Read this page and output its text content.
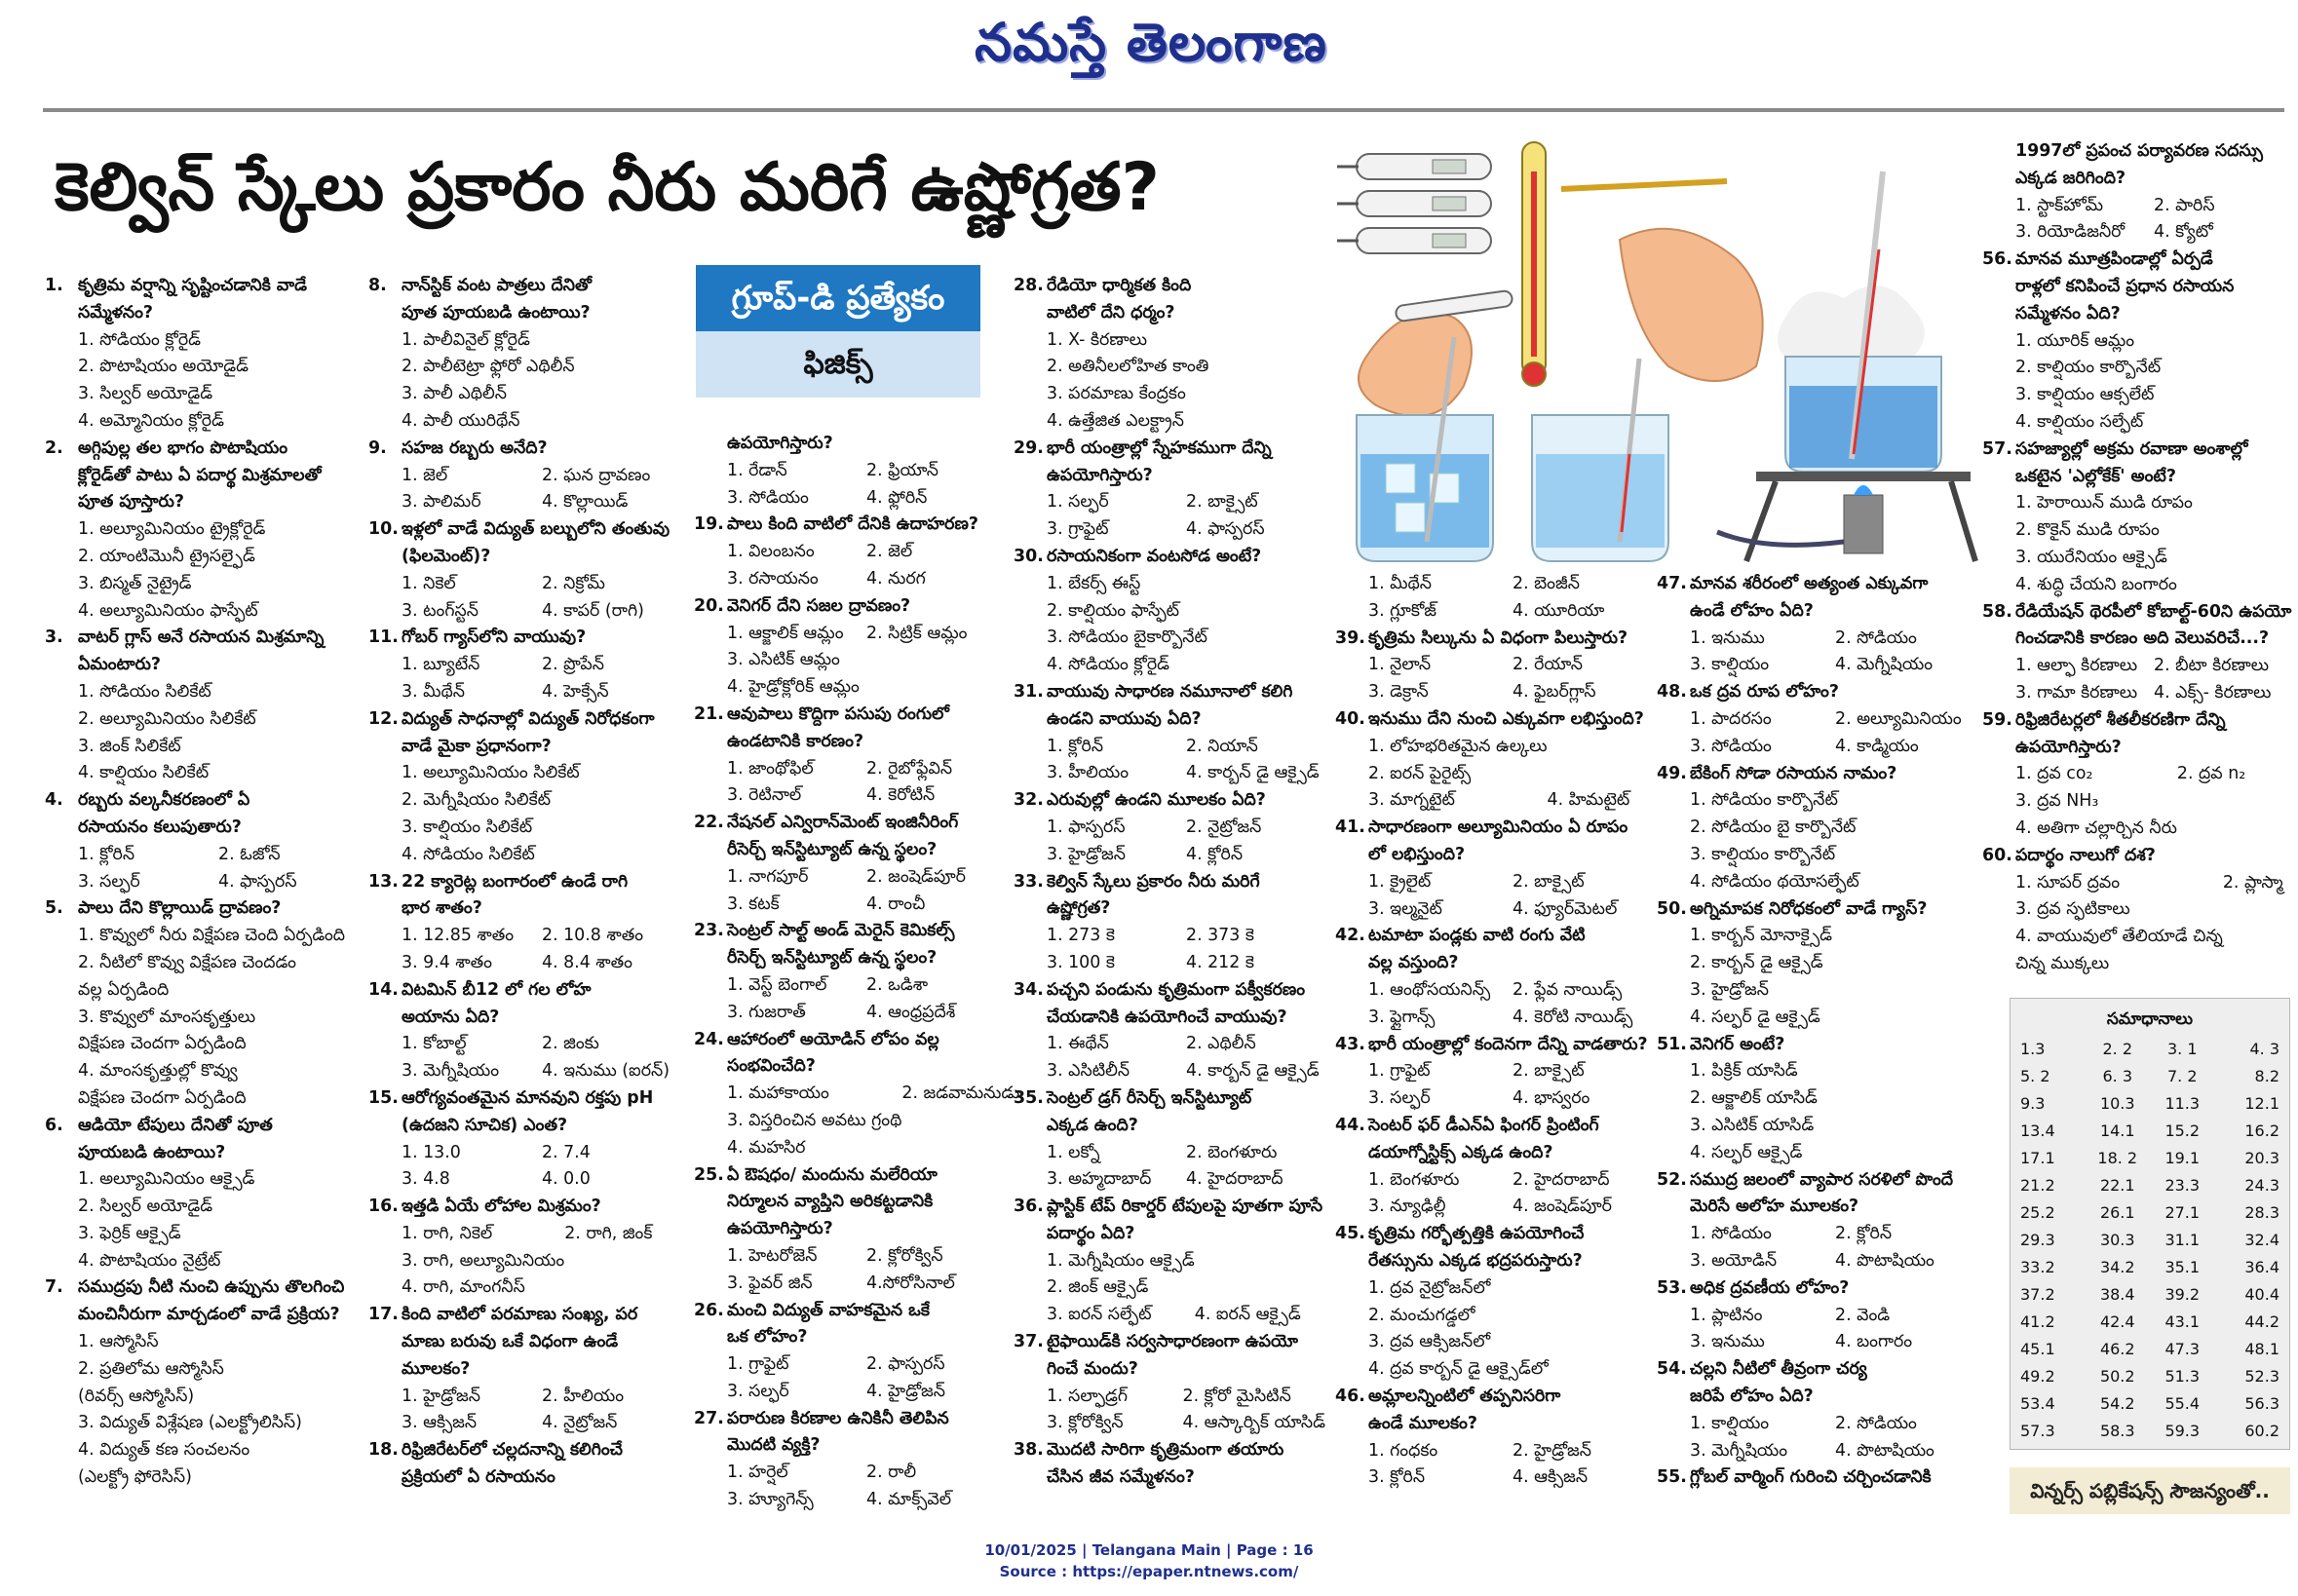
నమస్తే తెలంగాణ
కెల్విన్ స్కేలు ప్రకారం నీరు మరిగే ఉష్ణోగ్రత?
1. కృత్రిమ వర్షాన్ని సృష్టించడానికి వాడే
సమ్మేళనం?
1. సోడియం క్లోరైడ్
2. పొటాషియం అయోడైడ్
3. సిల్వర్ అయోడైడ్
4. అమ్మోనియం క్లోరైడ్
2. అగ్గిపుల్ల తల భాగం పొటాషియం
క్లోరైడ్‌తో పాటు ఏ పదార్థ మిశ్రమాలతో
పూత పూస్తారు?
1. అల్యూమినియం ట్రైక్లోరైడ్
2. యాంటిమొనీ ట్రైసల్ఫైడ్
3. బిస్మత్ నైట్రైడ్
4. అల్యూమినియం ఫాస్ఫేట్
3. వాటర్ గ్లాస్ అనే రసాయన మిశ్రమాన్ని
ఏమంటారు?
1. సోడియం సిలికేట్
2. అల్యూమినియం సిలికేట్
3. జింక్ సిలికేట్
4. కాల్షియం సిలికేట్
4. రబ్బరు వల్కనీకరణంలో ఏ
రసాయనం కలుపుతారు?
1. క్లోరిన్	2. ఓజోన్
3. సల్ఫర్	4. ఫాస్పరస్
5. పాలు దేని కొల్లాయిడ్ ద్రావణం?
1. కొవ్వులో నీరు విక్షేపణ చెంది ఏర్పడింది
2. నీటిలో కొవ్వు విక్షేపణ చెందడం
వల్ల ఏర్పడింది
3. కొవ్వులో మాంసకృత్తులు
విక్షేపణ చెందగా ఏర్పడింది
4. మాంసకృత్తుల్లో కొవ్వు
విక్షేపణ చెందగా ఏర్పడింది
6. ఆడియో టేపులు దేనితో పూత
పూయబడి ఉంటాయి?
1. అల్యూమినియం ఆక్సైడ్
2. సిల్వర్ అయోడైడ్
3. ఫెర్రిక్ ఆక్సైడ్
4. పొటాషియం నైట్రేట్
7. సముద్రపు నీటి నుంచి ఉప్పును తొలగించి
మంచినీరుగా మార్చడంలో వాడే ప్రక్రియ?
1. ఆస్మోసిస్
2. ప్రతిలోమ ఆస్మోసిస్
(రివర్స్ ఆస్మోసిస్)
3. విద్యుత్ విశ్లేషణ (ఎలక్ట్రోలిసిస్)
4. విద్యుత్ కణ సంచలనం
(ఎలక్ట్రో ఫోరెసిస్)
8. నాన్‌స్టిక్ వంట పాత్రలు దేనితో
పూత పూయబడి ఉంటాయి?
1. పాలీవినైల్ క్లోరైడ్
2. పాలీటెట్రా ఫ్లోరో ఎథిలీన్
3. పాలీ ఎథిలీన్
4. పాలీ యురిథేన్
9. సహజ రబ్బరు అనేది?
1. జెల్	2. ఘన ద్రావణం
3. పాలిమర్	4. కొల్లాయిడ్
10. ఇళ్లలో వాడే విద్యుత్ బల్బులోని తంతువు
(ఫిలమెంట్)?
1. నికెల్	2. నిక్రోమ్
3. టంగ్‌స్టన్	4. కాపర్ (రాగి)
11. గోబర్ గ్యాస్‌లోని వాయువు?
1. బ్యూటేన్	2. ప్రొపేన్
3. మీథేన్	4. హెక్సేన్
12. విద్యుత్ సాధనాల్లో విద్యుత్ నిరోధకంగా
వాడే మైకా ప్రధానంగా?
1. అల్యూమినియం సిలికేట్
2. మెగ్నీషియం సిలికేట్
3. కాల్షియం సిలికేట్
4. సోడియం సిలికేట్
13. 22 క్యారెట్ల బంగారంలో ఉండే రాగి
భార శాతం?
1. 12.85 శాతం	2. 10.8 శాతం
3. 9.4 శాతం	4. 8.4 శాతం
14. విటమిన్ బీ12 లో గల లోహ
అయాను ఏది?
1. కోబాల్ట్	2. జింకు
3. మెగ్నీషియం	4. ఇనుము (ఐరన్)
15. ఆరోగ్యవంతమైన మానవుని రక్తపు pH
(ఉదజని సూచిక) ఎంత?
1. 13.0	2. 7.4
3. 4.8	4. 0.0
16. ఇత్తడి ఏయే లోహాల మిశ్రమం?
1. రాగి, నికెల్	2. రాగి, జింక్
3. రాగి, అల్యూమినియం

4. రాగి, మాంగనీస్

17. కింది వాటిలో పరమాణు సంఖ్య, పర
మాణు బరువు ఒకే విధంగా ఉండే
మూలకం?
1. హైడ్రోజన్	2. హీలియం
3. ఆక్సిజన్	4. నైట్రోజన్
18. రిఫ్రిజిరేటర్‌లో చల్లదనాన్ని కలిగించే
ప్రక్రియలో ఏ రసాయనం
ఉపయోగిస్తారు?
1. రేడాన్	2. ఫ్రియాన్
3. సోడియం	4. ఫ్లోరిన్
19. పాలు కింది వాటిలో దేనికి ఉదాహరణ?
1. విలంబనం	2. జెల్
3. రసాయనం	4. నురగ
20. వెనిగర్ దేని సజల ద్రావణం?
1. ఆక్జాలిక్ ఆమ్లం	2. సిట్రిక్ ఆమ్లం
3. ఎసిటిక్ ఆమ్లం

4. హైడ్రోక్లోరిక్ ఆమ్లం

21. ఆవుపాలు కొద్దిగా పసుపు రంగులో
ఉండటానికి కారణం?
1. జాంథోఫిల్	2. రైబోఫ్లేవిన్
3. రెటినాల్	4. కెరోటిన్
22. నేషనల్ ఎన్విరాన్‌మెంట్ ఇంజినీరింగ్
రీసెర్చ్ ఇన్‌స్టిట్యూట్ ఉన్న స్థలం?
1. నాగపూర్	2. జంషెడ్‌పూర్
3. కటక్	4. రాంచీ
23. సెంట్రల్ సాల్ట్ అండ్ మెరైన్ కెమికల్స్
రీసెర్చ్ ఇన్‌స్టిట్యూట్ ఉన్న స్థలం?
1. వెస్ట్ బెంగాల్	2. ఒడిశా
3. గుజరాత్	4. ఆంధ్రప్రదేశ్
24. ఆహారంలో అయోడిన్ లోపం వల్ల
సంభవించేది?
1. మహాకాయం	2. జడవామనుడు
3. విస్తరించిన అవటు గ్రంథి

4. మహసిర

25. ఏ ఔషధం/ మందును మలేరియా
నిర్మూలన వ్యాప్తిని అరికట్టడానికి
ఉపయోగిస్తారు?
1. హెటరోజెన్	2. క్లోరోక్విన్
3. ఫైవర్ జిన్	4.సోరోసినాల్
26. మంచి విద్యుత్ వాహకమైన ఒకే
ఒక లోహం?
1. గ్రాఫైట్	2. ఫాస్పరస్
3. సల్ఫర్	4. హైడ్రోజన్
27. పరారుణ కిరణాల ఉనికినీ తెలిపిన
మొదటి వ్యక్తి?
1. హర్షెల్	2. రాలీ
3. హ్యూగెన్స్	4. మాక్స్‌వెల్
28. రేడియో ధార్మికత కింది
వాటిలో దేని ధర్మం?
1. X- కిరణాలు
2. అతినీలలోహిత కాంతి
3. పరమాణు కేంద్రకం
4. ఉత్తేజిత ఎలక్ట్రాన్
29. భారీ యంత్రాల్లో స్నేహకముగా దేన్ని
ఉపయోగిస్తారు?
1. సల్ఫర్	2. బాక్సైట్
3. గ్రాఫైట్	4. ఫాస్పరస్
30. రసాయనికంగా వంటసోడ అంటే?
1. బేకర్స్ ఈస్ట్
2. కాల్షియం ఫాస్ఫేట్
3. సోడియం బైకార్బొనేట్
4. సోడియం క్లోరైడ్
31. వాయువు సాధారణ నమూనాలో కలిగి
ఉండని వాయువు ఏది?
1. క్లోరిన్	2. నియాన్
3. హీలియం	4. కార్బన్ డై ఆక్సైడ్
32. ఎరువుల్లో ఉండని మూలకం ఏది?
1. ఫాస్పరస్	2. నైట్రోజన్
3. హైడ్రోజన్	4. క్లోరిన్
33. కెల్విన్ స్కేలు ప్రకారం నీరు మరిగే
ఉష్ణోగ్రత?
1. 273 కె	2. 373 కె
3. 100 కె	4. 212 కె
34. పచ్చని పండును కృత్రిమంగా పక్వీకరణం
చేయడానికి ఉపయోగించే వాయువు?
1. ఈథేన్	2. ఎథిలీన్
3. ఎసిటిలీన్	4. కార్బన్ డై ఆక్సైడ్
35. సెంట్రల్ డ్రగ్ రీసెర్చ్ ఇన్‌స్టిట్యూట్
ఎక్కడ ఉంది?
1. లక్నో	2. బెంగళూరు
3. అహ్మదాబాద్	4. హైదరాబాద్
36. ప్లాస్టిక్ టేప్ రికార్డర్ టేపులపై పూతగా పూసే
పదార్థం ఏది?
1. మెగ్నీషియం ఆక్సైడ్

2. జింక్ ఆక్సైడ్

3. ఐరన్ సల్ఫేట్	4. ఐరన్ ఆక్సైడ్
37. టైఫాయిడ్‌కి సర్వసాధారణంగా ఉపయో
గించే మందు?
1. సల్ఫాడ్రగ్	2. క్లోరో మైసిటిన్
3. క్లోరోక్విన్	4. ఆస్కార్బిక్ యాసిడ్
38. మొదటి సారిగా కృత్రిమంగా తయారు
చేసిన జీవ సమ్మేళనం?
1. మీథేన్	2. బెంజీన్
3. గ్లూకోజ్	4. యూరియా
39. కృత్రిమ సిల్కును ఏ విధంగా పిలుస్తారు?
1. నైలాన్	2. రేయాన్
3. డెక్రాన్	4. ఫైబర్‌గ్లాస్
40. ఇనుము దేని నుంచి ఎక్కువగా లభిస్తుంది?
1. లోహభరితమైన ఉల్కలు

2. ఐరన్ పైరైట్స్

3. మాగ్నటైట్	4. హిమటైట్
41. సాధారణంగా అల్యూమినియం ఏ రూపం
లో లభిస్తుంది?
1. క్రైలైట్	2. బాక్సైట్
3. ఇల్మనైట్	4. ఫ్యూర్‌మెటల్
42. టమాటా పండ్లకు వాటి రంగు వేటి
వల్ల వస్తుంది?
1. ఆంథోసయనిన్స్	2. ఫ్లేవ నాయిడ్స్
3. ఫ్లైగాన్స్	4. కెరోటి నాయిడ్స్
43. భారీ యంత్రాల్లో కందెనగా దేన్ని వాడతారు?
1. గ్రాఫైట్	2. బాక్సైట్
3. సల్ఫర్	4. భాస్వరం
44. సెంటర్ ఫర్ డీఎన్ఏ ఫింగర్ ప్రింటింగ్
డయాగ్నోస్టిక్స్ ఎక్కడ ఉంది?
1. బెంగళూరు	2. హైదరాబాద్
3. న్యూఢిల్లీ	4. జంషెడ్‌పూర్
45. కృత్రిమ గర్భోత్పత్తికి ఉపయోగించే
రేతస్సును ఎక్కడ భద్రపరుస్తారు?
1. ద్రవ నైట్రోజన్‌లో

2. మంచుగడ్డలో

3. ద్రవ ఆక్సిజన్‌లో

4. ద్రవ కార్బన్ డై ఆక్సైడ్‌లో

46. అమ్లాలన్నింటిలో తప్పనిసరిగా
ఉండే మూలకం?
1. గంధకం	2. హైడ్రోజన్
3. క్లోరిన్	4. ఆక్సిజన్
47. మానవ శరీరంలో అత్యంత ఎక్కువగా
ఉండే లోహం ఏది?
1. ఇనుము	2. సోడియం
3. కాల్షియం	4. మెగ్నీషియం
48. ఒక ద్రవ రూప లోహం?
1. పాదరసం	2. అల్యూమినియం
3. సోడియం	4. కాడ్మియం
49. బేకింగ్ సోడా రసాయన నామం?
1. సోడియం కార్బొనేట్
2. సోడియం బై కార్బొనేట్
3. కాల్షియం కార్బొనేట్
4. సోడియం థయోసల్ఫేట్
50. అగ్నిమాపక నిరోధకంలో వాడే గ్యాస్?
1. కార్బన్ మోనాక్సైడ్
2. కార్బన్ డై ఆక్సైడ్
3. హైడ్రోజన్
4. సల్ఫర్ డై ఆక్సైడ్
51. వెనిగర్ అంటే?
1. పిక్రిక్ యాసిడ్
2. ఆక్జాలిక్ యాసిడ్
3. ఎసిటిక్ యాసిడ్
4. సల్ఫర్ ఆక్సైడ్
52. సముద్ర జలంలో వ్యాపార సరళిలో పొందే
మెరిసే అలోహ మూలకం?
1. సోడియం	2. క్లోరిన్
3. అయోడిన్	4. పొటాషియం
53. అధిక ద్రవణీయ లోహం?
1. ప్లాటినం	2. వెండి
3. ఇనుము	4. బంగారం
54. చల్లని నీటిలో తీవ్రంగా చర్య
జరిపే లోహం ఏది?
1. కాల్షియం	2. సోడియం
3. మెగ్నీషియం	4. పొటాషియం
55. గ్లోబల్ వార్మింగ్ గురించి చర్చించడానికి
1997లో ప్రపంచ పర్యావరణ సదస్సు
ఎక్కడ జరిగింది?
1. స్టాక్‌హోమ్	2. పారిస్
3. రియోడిజనీరో	4. క్యోటో
56. మానవ మూత్రపిండాల్లో ఏర్పడే
రాళ్లలో కనిపించే ప్రధాన రసాయన
సమ్మేళనం ఏది?
1. యూరిక్ ఆమ్లం
2. కాల్షియం కార్బొనేట్
3. కాల్షియం ఆక్సలేట్
4. కాల్షియం సల్ఫేట్
57. సహజ్యాల్లో అక్రమ రవాణా అంశాల్లో
ఒకటైన 'ఎల్లోకేక్' అంటే?
1. హెరాయిన్ ముడి రూపం
2. కొకైన్ ముడి రూపం
3. యురేనియం ఆక్సైడ్
4. శుద్ధి చేయని బంగారం
58. రేడియేషన్ థెరపీలో కోబాల్ట్-60ని ఉపయో
గించడానికి కారణం అది వెలువరిచే...?
1. ఆల్ఫా కిరణాలు 2. బీటా కిరణాలు
3. గామా కిరణాలు 4. ఎక్స్- కిరణాలు
59. రిఫ్రిజిరేటర్లలో శీతలీకరణిగా దేన్ని
ఉపయోగిస్తారు?
1. ద్రవ co₂	2. ద్రవ n₂
3. ద్రవ NH₃

4. అతిగా చల్లార్చిన నీరు

60. పదార్థం నాలుగో దశ?
1. సూపర్ ద్రవం	2. ప్లాస్మా
3. ద్రవ స్ఫటికాలు

4. వాయువులో తేలియాడే చిన్న

చిన్న ముక్కలు

గ్రూప్-డి ప్రత్యేకం
ఫిజిక్స్
సమాధానాలు
1.3	2. 2	3. 1	4. 3
5. 2	6. 3	7. 2	8.2
9.3	10.3	11.3	12.1
13.4	14.1	15.2	16.2
17.1	18. 2	19.1	20.3
21.2	22.1	23.3	24.3
25.2	26.1	27.1	28.3
29.3	30.3	31.1	32.4
33.2	34.2	35.1	36.4
37.2	38.4	39.2	40.4
41.2	42.4	43.1	44.2
45.1	46.2	47.3	48.1
49.2	50.2	51.3	52.3
53.4	54.2	55.4	56.3
57.3	58.3	59.3	60.2
విన్నర్స్ పబ్లికేషన్స్ సౌజన్యంతో..
10/01/2025 | Telangana Main | Page : 16
Source : https://epaper.ntnews.com/
